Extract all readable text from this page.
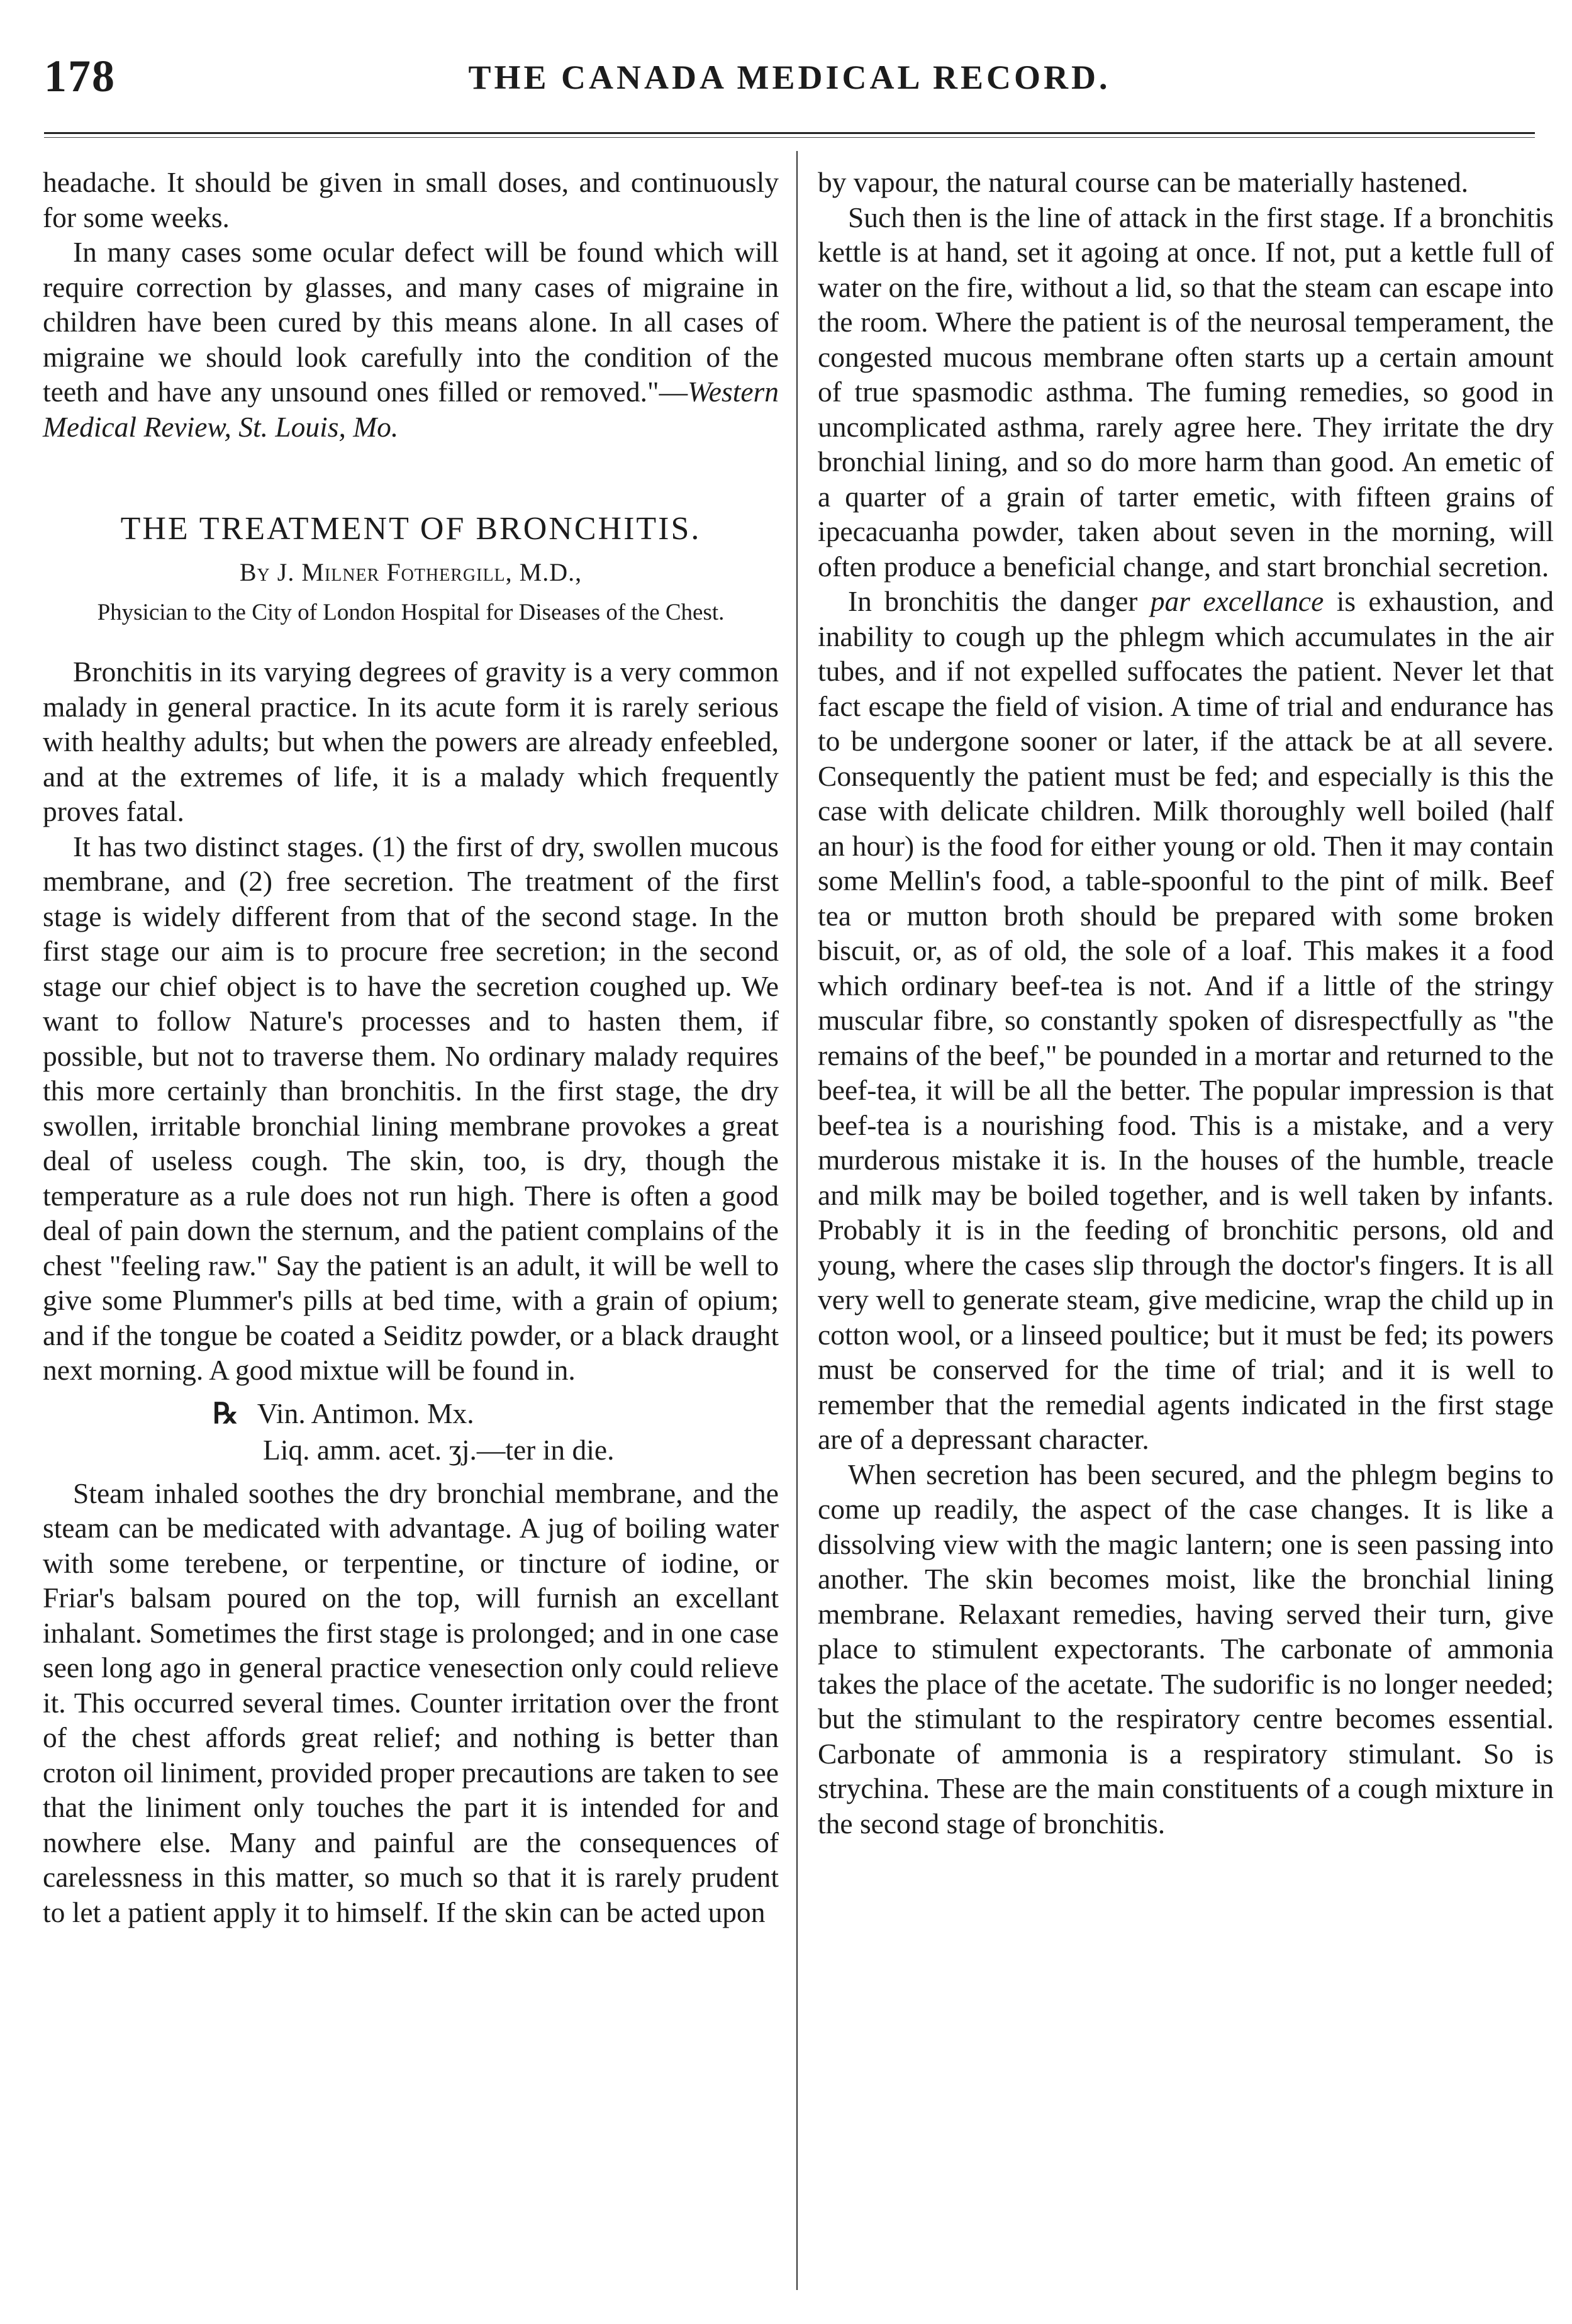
178	THE CANADA MEDICAL RECORD.

headache. It should be given in small doses, and continuously for some weeks.

In many cases some ocular defect will be found which will require correction by glasses, and many cases of migraine in children have been cured by this means alone. In all cases of migraine we should look carefully into the condition of the teeth and have any unsound ones filled or removed."—Western Medical Review, St. Louis, Mo.

THE TREATMENT OF BRONCHITIS.
By J. Milner Fothergill, M.D.,
Physician to the City of London Hospital for Diseases of the Chest.

Bronchitis in its varying degrees of gravity is a very common malady in general practice. In its acute form it is rarely serious with healthy adults; but when the powers are already enfeebled, and at the extremes of life, it is a malady which frequently proves fatal.

It has two distinct stages. (1) the first of dry, swollen mucous membrane, and (2) free secretion. The treatment of the first stage is widely different from that of the second stage. In the first stage our aim is to procure free secretion; in the second stage our chief object is to have the secretion coughed up. We want to follow Nature's processes and to hasten them, if possible, but not to traverse them. No ordinary malady requires this more certainly than bronchitis. In the first stage, the dry swollen, irritable bronchial lining membrane provokes a great deal of useless cough. The skin, too, is dry, though the temperature as a rule does not run high. There is often a good deal of pain down the sternum, and the patient complains of the chest "feeling raw." Say the patient is an adult, it will be well to give some Plummer's pills at bed time, with a grain of opium; and if the tongue be coated a Seiditz powder, or a black draught next morning. A good mixtue will be found in.

℞ Vin. Antimon. Mx.
Liq. amm. acet. ʒj.—ter in die.

Steam inhaled soothes the dry bronchial membrane, and the steam can be medicated with advantage. A jug of boiling water with some terebene, or terpentine, or tincture of iodine, or Friar's balsam poured on the top, will furnish an excellant inhalant. Sometimes the first stage is prolonged; and in one case seen long ago in general practice venesection only could relieve it. This occurred several times. Counter irritation over the front of the chest affords great relief; and nothing is better than croton oil liniment, provided proper precautions are taken to see that the liniment only touches the part it is intended for and nowhere else. Many and painful are the consequences of carelessness in this matter, so much so that it is rarely prudent to let a patient apply it to himself. If the skin can be acted upon

by vapour, the natural course can be materially hastened.

Such then is the line of attack in the first stage. If a bronchitis kettle is at hand, set it agoing at once. If not, put a kettle full of water on the fire, without a lid, so that the steam can escape into the room. Where the patient is of the neurosal temperament, the congested mucous membrane often starts up a certain amount of true spasmodic asthma. The fuming remedies, so good in uncomplicated asthma, rarely agree here. They irritate the dry bronchial lining, and so do more harm than good. An emetic of a quarter of a grain of tarter emetic, with fifteen grains of ipecacuanha powder, taken about seven in the morning, will often produce a beneficial change, and start bronchial secretion.

In bronchitis the danger par excellance is exhaustion, and inability to cough up the phlegm which accumulates in the air tubes, and if not expelled suffocates the patient. Never let that fact escape the field of vision. A time of trial and endurance has to be undergone sooner or later, if the attack be at all severe. Consequently the patient must be fed; and especially is this the case with delicate children. Milk thoroughly well boiled (half an hour) is the food for either young or old. Then it may contain some Mellin's food, a table-spoonful to the pint of milk. Beef tea or mutton broth should be prepared with some broken biscuit, or, as of old, the sole of a loaf. This makes it a food which ordinary beef-tea is not. And if a little of the stringy muscular fibre, so constantly spoken of disrespectfully as "the remains of the beef," be pounded in a mortar and returned to the beef-tea, it will be all the better. The popular impression is that beef-tea is a nourishing food. This is a mistake, and a very murderous mistake it is. In the houses of the humble, treacle and milk may be boiled together, and is well taken by infants. Probably it is in the feeding of bronchitic persons, old and young, where the cases slip through the doctor's fingers. It is all very well to generate steam, give medicine, wrap the child up in cotton wool, or a linseed poultice; but it must be fed; its powers must be conserved for the time of trial; and it is well to remember that the remedial agents indicated in the first stage are of a depressant character.

When secretion has been secured, and the phlegm begins to come up readily, the aspect of the case changes. It is like a dissolving view with the magic lantern; one is seen passing into another. The skin becomes moist, like the bronchial lining membrane. Relaxant remedies, having served their turn, give place to stimulent expectorants. The carbonate of ammonia takes the place of the acetate. The sudorific is no longer needed; but the stimulant to the respiratory centre becomes essential. Carbonate of ammonia is a respiratory stimulant. So is strychina. These are the main constituents of a cough mixture in the second stage of bronchitis.
